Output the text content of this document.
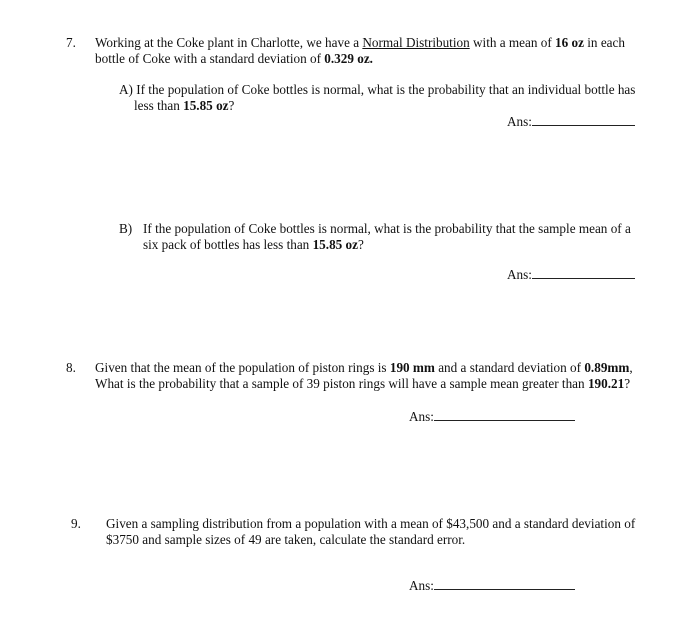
7. Working at the Coke plant in Charlotte, we have a Normal Distribution with a mean of 16 oz in each
bottle of Coke with a standard deviation of 0.329 oz.
A) If the population of Coke bottles is normal, what is the probability that an individual bottle has
less than 15.85 oz?
Ans:
B) If the population of Coke bottles is normal, what is the probability that the sample mean of a
six pack of bottles has less than 15.85 oz?
Ans:
8. Given that the mean of the population of piston rings is 190 mm and a standard deviation of 0.89mm,
What is the probability that a sample of 39 piston rings will have a sample mean greater than 190.21?
Ans:
9. Given a sampling distribution from a population with a mean of $43,500 and a standard deviation of
$3750 and sample sizes of 49 are taken, calculate the standard error.
Ans:
